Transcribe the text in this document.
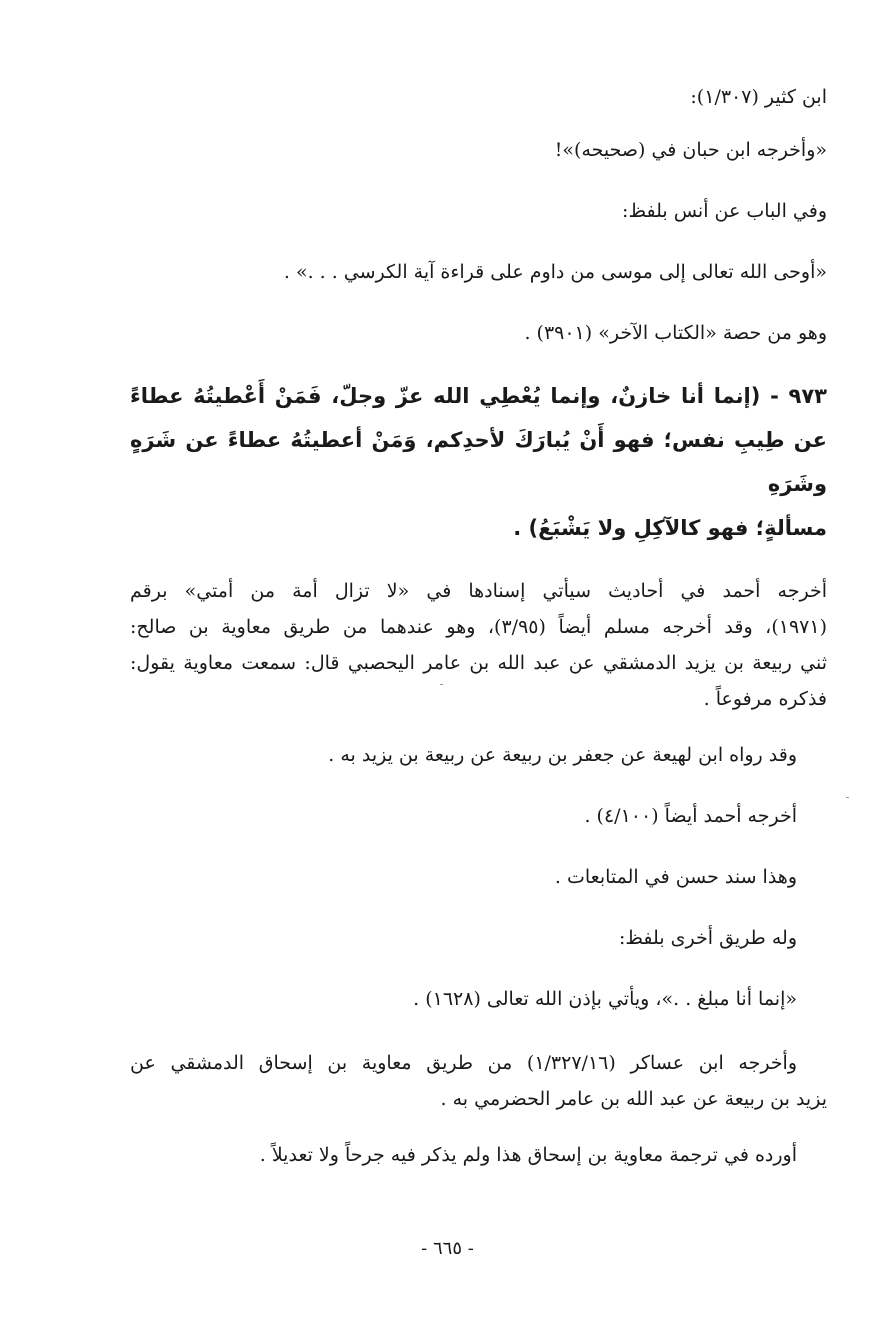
ابن كثير (١/٣٠٧):

«وأخرجه ابن حبان في (صحيحه)»!

وفي الباب عن أنس بلفظ:

«أوحى الله تعالى إلى موسى من داوم على قراءة آية الكرسي . . .» .

وهو من حصة «الكتاب الآخر» (٣٩٠١) .

٩٧٣ - (إنما أنا خازنٌ، وإنما يُعْطِي الله عزّ وجلّ، فَمَنْ أَعْطيتُهُ عطاءً

عن طِيبِ نفس؛ فهو أَنْ يُبارَكَ لأحدِكم، وَمَنْ أعطيتُهُ عطاءً عن شَرَهٍ وشَرَهِ

مسألةٍ؛ فهو كالآكِلِ ولا يَشْبَعُ) .

أخرجه أحمد في أحاديث سيأتي إسنادها في «لا تزال أمة من أمتي» برقم

(١٩٧١)، وقد أخرجه مسلم أيضاً (٣/٩٥)، وهو عندهما من طريق معاوية بن صالح:

ثني ربيعة بن يزيد الدمشقي عن عبد الله بن عامر اليحصبي قال: سمعت معاوية يقول:

فذكره مرفوعاً .

وقد رواه ابن لهيعة عن جعفر بن ربيعة عن ربيعة بن يزيد به .

أخرجه أحمد أيضاً (٤/١٠٠) .

وهذا سند حسن في المتابعات .

وله طريق أخرى بلفظ:

«إنما أنا مبلغ . .»، ويأتي بإذن الله تعالى (١٦٢٨) .

وأخرجه ابن عساكر (١/٣٢٧/١٦) من طريق معاوية بن إسحاق الدمشقي عن

يزيد بن ربيعة عن عبد الله بن عامر الحضرمي به .

أورده في ترجمة معاوية بن إسحاق هذا ولم يذكر فيه جرحاً ولا تعديلاً .

- ٦٦٥ -
